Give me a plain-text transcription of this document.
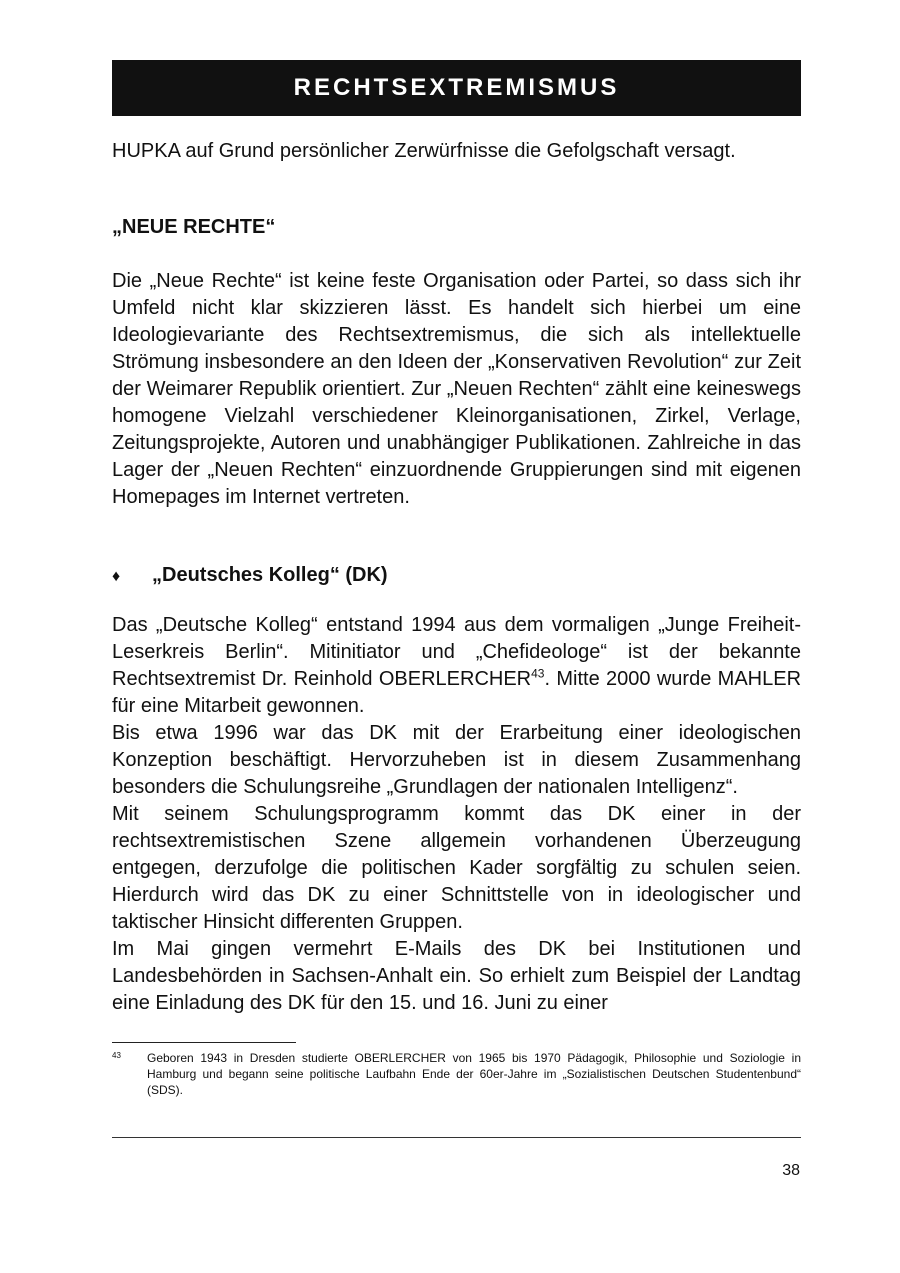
RECHTSEXTREMISMUS

HUPKA auf Grund persönlicher Zerwürfnisse die Gefolgschaft versagt.

„NEUE RECHTE“

Die „Neue Rechte“ ist keine feste Organisation oder Partei, so dass sich ihr Umfeld nicht klar skizzieren lässt. Es handelt sich hierbei um eine Ideologievariante des Rechtsextremismus, die sich als intellektuelle Strömung insbesondere an den Ideen der „Konservativen Revolution“ zur Zeit der Weimarer Republik orientiert. Zur „Neuen Rechten“ zählt eine keineswegs homogene Vielzahl verschiedener Kleinorganisationen, Zirkel, Verlage, Zeitungsprojekte, Autoren und unabhängiger Publikationen. Zahlreiche in das Lager der „Neuen Rechten“ einzuordnende Gruppierungen sind mit eigenen Homepages im Internet vertreten.

♦ „Deutsches Kolleg“ (DK)

Das „Deutsche Kolleg“ entstand 1994 aus dem vormaligen „Junge Freiheit-Leserkreis Berlin“. Mitinitiator und „Chefideologe“ ist der bekannte Rechtsextremist Dr. Reinhold OBERLERCHER$^{43}$. Mitte 2000 wurde MAHLER für eine Mitarbeit gewonnen.

Bis etwa 1996 war das DK mit der Erarbeitung einer ideologischen Konzeption beschäftigt. Hervorzuheben ist in diesem Zusammenhang besonders die Schulungsreihe „Grundlagen der nationalen Intelligenz“.

Mit seinem Schulungsprogramm kommt das DK einer in der rechtsextremistischen Szene allgemein vorhandenen Überzeugung entgegen, derzufolge die politischen Kader sorgfältig zu schulen seien. Hierdurch wird das DK zu einer Schnittstelle von in ideologischer und taktischer Hinsicht differenten Gruppen.

Im Mai gingen vermehrt E-Mails des DK bei Institutionen und Landesbehörden in Sachsen-Anhalt ein. So erhielt zum Beispiel der Landtag eine Einladung des DK für den 15. und 16. Juni zu einer

43	Geboren 1943 in Dresden studierte OBERLERCHER von 1965 bis 1970 Pädagogik, Philosophie und Soziologie in Hamburg und begann seine politische Laufbahn Ende der 60er-Jahre im „Sozialistischen Deutschen Studentenbund“ (SDS).
38
